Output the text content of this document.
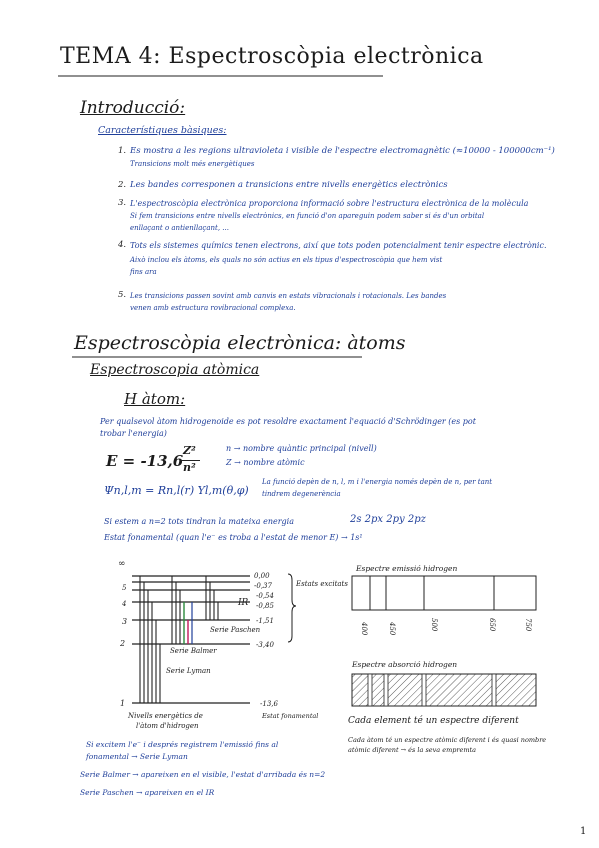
TEMA 4: Espectroscòpia electrònica
Introducció:
Característiques bàsiques:
1. Es mostra a les regions ultravioleta i visible de l'espectre electromagnètic (≈10000 - 100000cm⁻¹)
Transicions molt més energètiques
2. Les bandes corresponen a transicions entre nivells energètics electrònics
3. L'espectroscòpia electrònica proporciona informació sobre l'estructura electrònica de la molècula
Si fem transicions entre nivells electrònics, en funció d'on apareguin podem saber si és d'un orbital
enllaçant o antienllaçant, ...
4. Tots els sistemes químics tenen electrons, així que tots poden potencialment tenir espectre electrònic.
Això inclou els àtoms, els quals no són actius en els tipus d'espectroscòpia que hem vist
fins ara
5. Les transicions passen sovint amb canvis en estats vibracionals i rotacionals. Les bandes
venen amb estructura rovibracional complexa.
Espectroscòpia electrònica: àtoms
Espectroscopia atòmica
H àtom:
Per qualsevol àtom hidrogenoide es pot resoldre exactament l'equació d'Schrödinger (es pot
trobar l'energia)
E = -13,6
Z²
n²
n → nombre quàntic principal (nivell)
Z → nombre atòmic
Ψn,l,m = Rn,l(r) Yl,m(θ,φ)
La funció depèn de n, l, m i l'energia només depèn de n, per tant
tindrem degenerència
Si estem a n=2 tots tindran la mateixa energia	2s 2px 2py 2pz
Estat fonamental (quan l'e⁻ es troba a l'estat de menor E) → 1s¹
∞
5
4
3
2
1
0,00
-0,37
-0,54
-0,85
-1,51
-3,40
-13,6
Estats excitats
IR
Serie Paschen
Serie Balmer
Serie Lyman
Estat fonamental
Nivells energètics de
l'àtom d'hidrogen
Espectre emissió hidrogen
400	450	500	650	750
Espectre absorció hidrogen
Cada element té un espectre diferent
Cada àtom té un espectre atòmic diferent i és quasi nombre
atòmic diferent → és la seva empremta
Si excitem l'e⁻ i després registrem l'emissió fins al
fonamental → Serie Lyman
Serie Balmer → apareixen en el visible, l'estat d'arribada és n=2
Serie Paschen → apareixen en el IR
1
